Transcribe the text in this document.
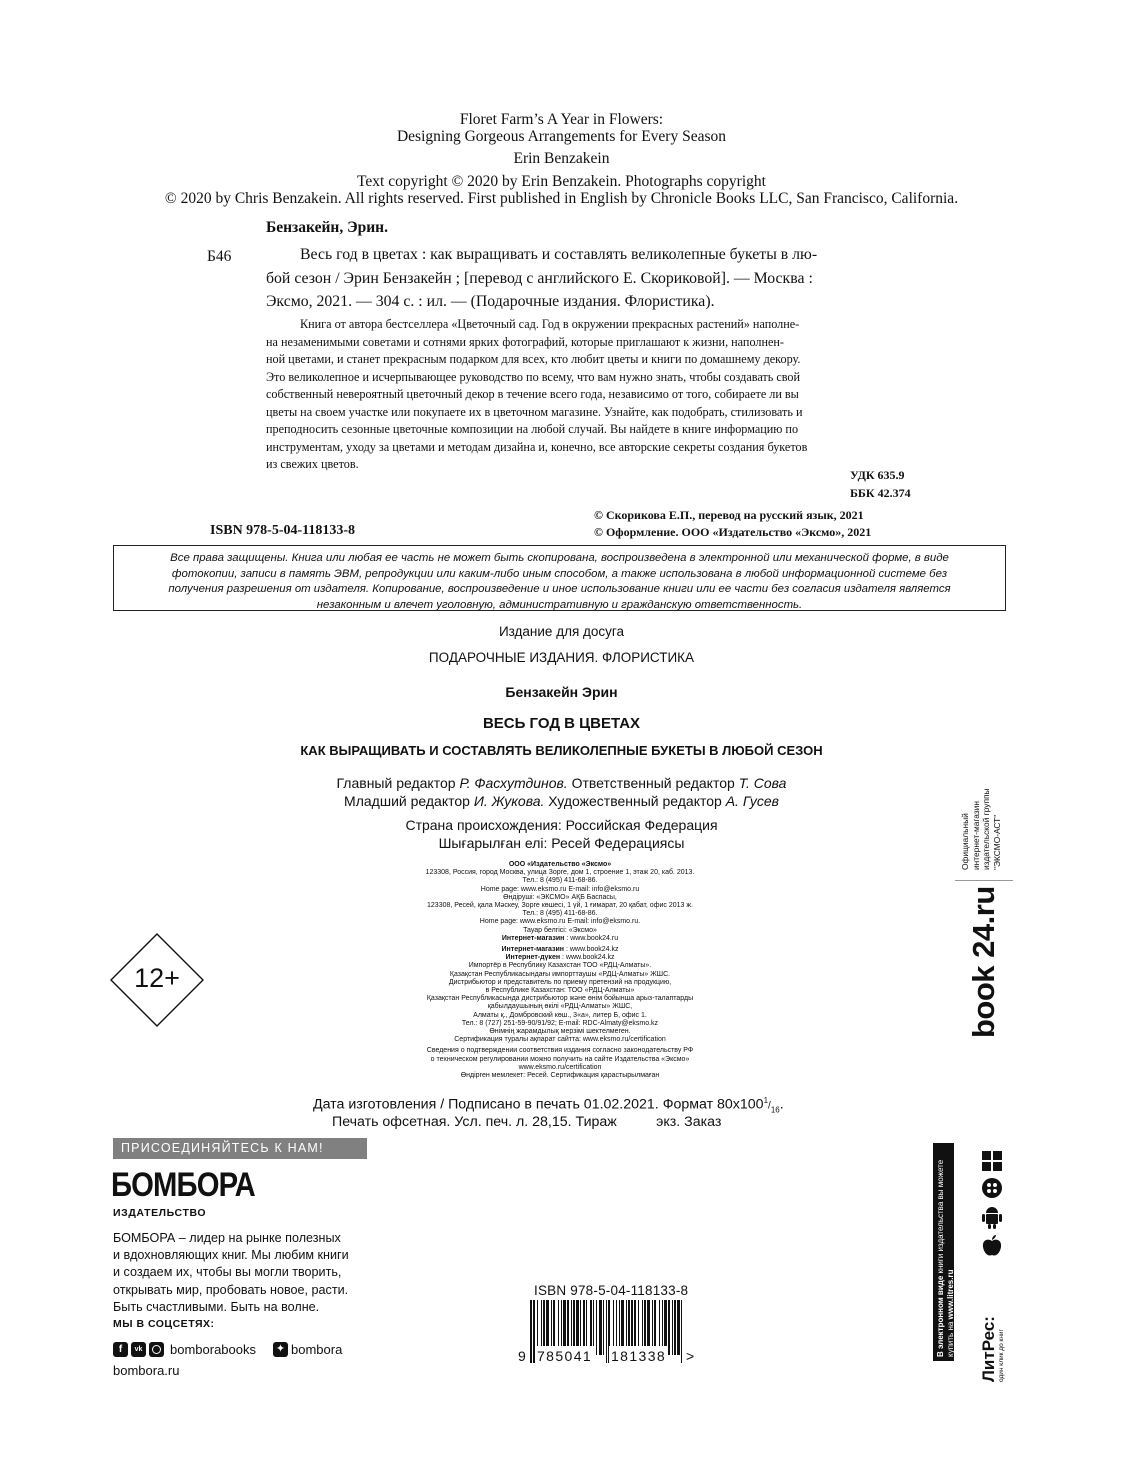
Floret Farm’s A Year in Flowers:
Designing Gorgeous Arrangements for Every Season
Erin Benzakein
Text copyright © 2020 by Erin Benzakein. Photographs copyright
© 2020 by Chris Benzakein. All rights reserved. First published in English by Chronicle Books LLC, San Francisco, California.
Бензакейн, Эрин.
Б46	Весь год в цветах : как выращивать и составлять великолепные букеты в лю-
бой сезон / Эрин Бензакейн ; [перевод с английского Е. Скориковой]. — Москва :
Эксмо, 2021. — 304 с. : ил. — (Подарочные издания. Флористика).
Книга от автора бестселлера «Цветочный сад. Год в окружении прекрасных растений» наполне-
на незаменимыми советами и сотнями ярких фотографий, которые приглашают к жизни, наполнен-
ной цветами, и станет прекрасным подарком для всех, кто любит цветы и книги по домашнему декору.
Это великолепное и исчерпывающее руководство по всему, что вам нужно знать, чтобы создавать свой
собственный невероятный цветочный декор в течение всего года, независимо от того, собираете ли вы
цветы на своем участке или покупаете их в цветочном магазине. Узнайте, как подобрать, стилизовать и
преподносить сезонные цветочные композиции на любой случай. Вы найдете в книге информацию по
инструментам, уходу за цветами и методам дизайна и, конечно, все авторские секреты создания букетов
из свежих цветов.
УДК 635.9
ББК 42.374
© Скорикова Е.П., перевод на русский язык, 2021
© Оформление. ООО «Издательство «Эксмо», 2021
ISBN 978-5-04-118133-8
Все права защищены. Книга или любая ее часть не может быть скопирована, воспроизведена в электронной или механической форме, в виде
фотокопии, записи в память ЭВМ, репродукции или каким-либо иным способом, а также использована в любой информационной системе без
получения разрешения от издателя. Копирование, воспроизведение и иное использование книги или ее части без согласия издателя является
незаконным и влечет уголовную, административную и гражданскую ответственность.
Издание для досуга
ПОДАРОЧНЫЕ ИЗДАНИЯ. ФЛОРИСТИКА
Бензакейн Эрин
ВЕСЬ ГОД В ЦВЕТАХ
КАК ВЫРАЩИВАТЬ И СОСТАВЛЯТЬ ВЕЛИКОЛЕПНЫЕ БУКЕТЫ В ЛЮБОЙ СЕЗОН
Главный редактор Р. Фасхутдинов. Ответственный редактор Т. Сова
Младший редактор И. Жукова. Художественный редактор А. Гусев
Страна происхождения: Российская Федерация
Шығарылған елі: Ресей Федерациясы
ООО «Издательство «Эксмо»
123308, Россия, город Москва, улица Зорге, дом 1, строение 1, этаж 20, каб. 2013.
Тел.: 8 (495) 411-68-86.
Home page: www.eksmo.ru E-mail: info@eksmo.ru
Өндіруші: «ЭКСМО» АҚБ Баспасы,
123308, Ресей, қала Мәскеу, Зорге көшесі, 1 үй, 1 ғимарат, 20 қабат, офис 2013 ж.
Тел.: 8 (495) 411-68-86.
Home page: www.eksmo.ru E-mail: info@eksmo.ru.
Тауар белгісі: «Эксмо»
Интернет-магазин : www.book24.ru
Интернет-магазин : www.book24.kz
Интернет-дүкен : www.book24.kz
Импортёр в Республику Казахстан ТОО «РДЦ-Алматы».
Қазақстан Республикасындағы импорттаушы «РДЦ-Алматы» ЖШС.
Дистрибьютор и представитель по приему претензий на продукцию,
в Республике Казахстан: ТОО «РДЦ-Алматы»
Қазақстан Республикасында дистрибьютор және өнім бойынша арыз-талаптарды
қабылдаушының өкілі «РДЦ-Алматы» ЖШС,
Алматы қ., Домбровский көш., 3«а», литер Б, офис 1.
Тел.: 8 (727) 251-59-90/91/92; E-mail: RDC-Almaty@eksmo.kz
Өнімнің жарамдылық мерзімі шектелмеген.
Сертификация туралы ақпарат сайтта: www.eksmo.ru/certification
Сведения о подтверждении соответствия издания согласно законодательству РФ
о техническом регулировании можно получить на сайте Издательства «Эксмо»
www.eksmo.ru/certification
Өндірген мемлекет: Ресей. Сертификация қарастырылмаған
12+
Дата изготовления / Подписано в печать 01.02.2021. Формат $80x100^1/_{16}$.
Печать офсетная. Усл. печ. л. 28,15. Тираж          экз. Заказ
Официальный интернет-магазин издательской группы "ЭКСМО-АСТ"
book 24.ru
ПРИСОЕДИНЯЙТЕСЬ К НАМ!
БОМБОРА
ИЗДАТЕЛЬСТВО
БОМБОРА – лидер на рынке полезных
и вдохновляющих книг. Мы любим книги
и создаем их, чтобы вы могли творить,
открывать мир, пробовать новое, расти.
Быть счастливыми. Быть на волне.
МЫ В СОЦСЕТЯХ:
f	vk bomborabooks ✦ bombora
bombora.ru
ISBN 978-5-04-118133-8
9 785041 181338 >	В электронном виде книги издательства вы можете
купить на www.litres.ru
ЛитРес: один клик до книг
